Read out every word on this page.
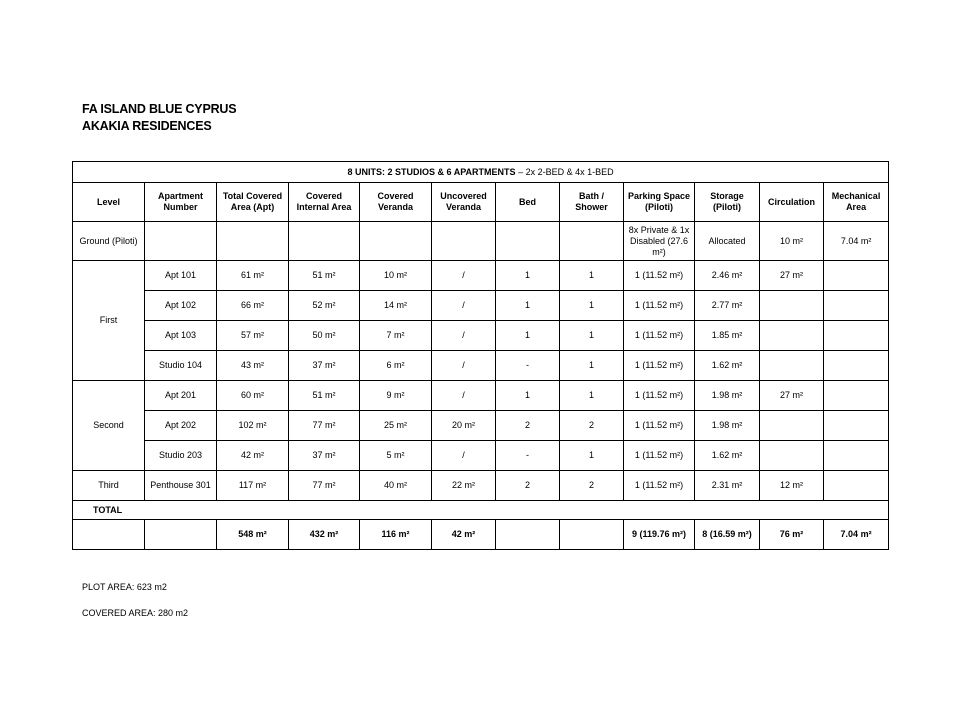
FA ISLAND BLUE CYPRUS
AKAKIA RESIDENCES
8 UNITS: 2 STUDIOS & 6 APARTMENTS – 2x 2-BED & 4x 1-BED											
Level	Apartment Number	Total Covered Area (Apt)	Covered Internal Area	Covered Veranda	Uncovered Veranda	Bed	Bath / Shower	Parking Space (Piloti)	Storage (Piloti)	Circulation	Mechanical Area
Ground (Piloti)								8x Private & 1x Disabled (27.6 m²)	Allocated	10 m²	7.04 m²
First	Apt 101	61 m²	51 m²	10 m²	/	1	1	1 (11.52 m²)	2.46 m²	27 m²	
	Apt 102	66 m²	52 m²	14 m²	/	1	1	1 (11.52 m²)	2.77 m²		
	Apt 103	57 m²	50 m²	7 m²	/	1	1	1 (11.52 m²)	1.85 m²		
	Studio 104	43 m²	37 m²	6 m²	/	-	1	1 (11.52 m²)	1.62 m²		
Second	Apt 201	60 m²	51 m²	9 m²	/	1	1	1 (11.52 m²)	1.98 m²	27 m²	
	Apt 202	102 m²	77 m²	25 m²	20 m²	2	2	1 (11.52 m²)	1.98 m²		
	Studio 203	42 m²	37 m²	5 m²	/	-	1	1 (11.52 m²)	1.62 m²		
Third	Penthouse 301	117 m²	77 m²	40 m²	22 m²	2	2	1 (11.52 m²)	2.31 m²	12 m²	
TOTAL											
		548 m²	432 m²	116 m²	42 m²			9 (119.76 m²)	8 (16.59 m²)	76 m²	7.04 m²
PLOT AREA: 623 m2
COVERED AREA: 280 m2
